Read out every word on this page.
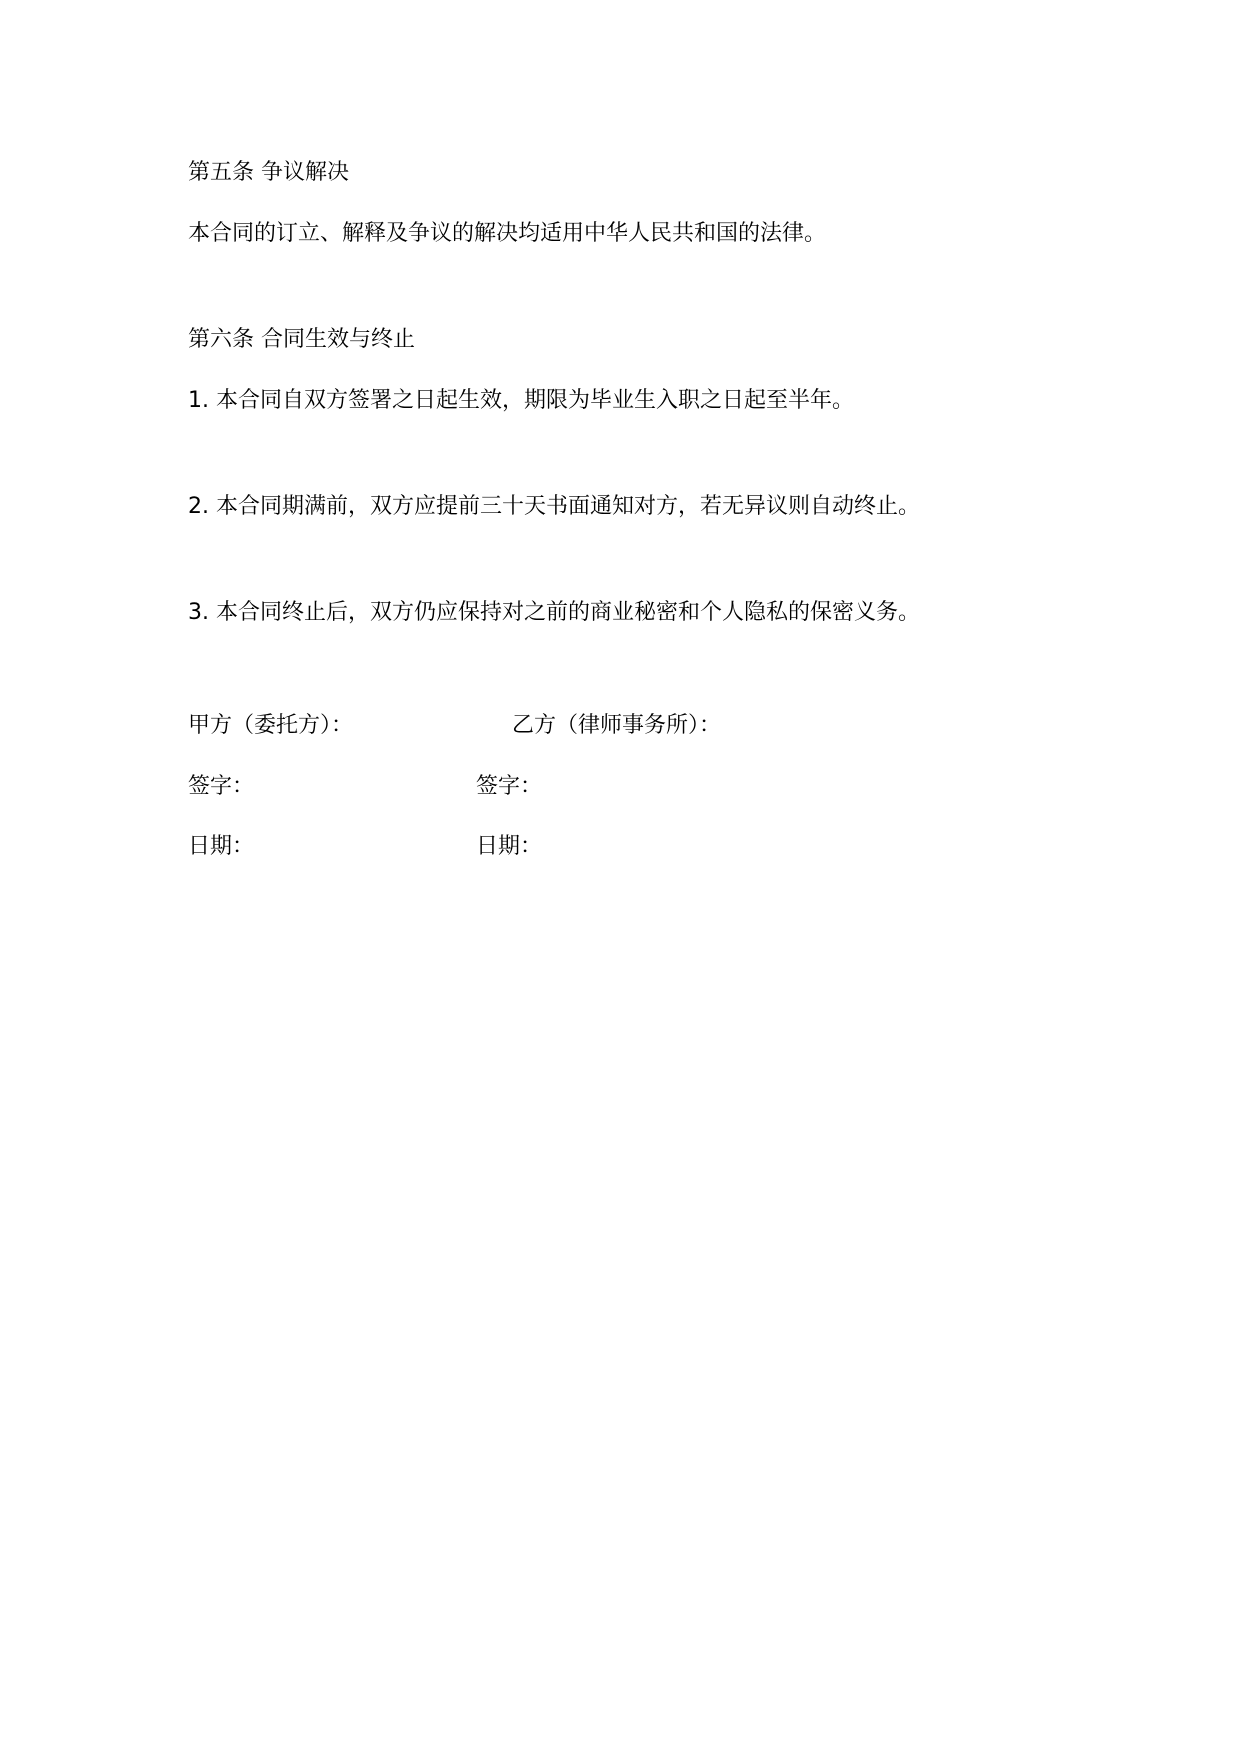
第五条 争议解决
本合同的订立、解释及争议的解决均适用中华人民共和国的法律。
第六条 合同生效与终止
1. 本合同自双方签署之日起生效，期限为毕业生入职之日起至半年。
2. 本合同期满前，双方应提前三十天书面通知对方，若无异议则自动终止。
3. 本合同终止后，双方仍应保持对之前的商业秘密和个人隐私的保密义务。
甲方（委托方）：	乙方（律师事务所）：
签字：	签字：
日期：	日期：
